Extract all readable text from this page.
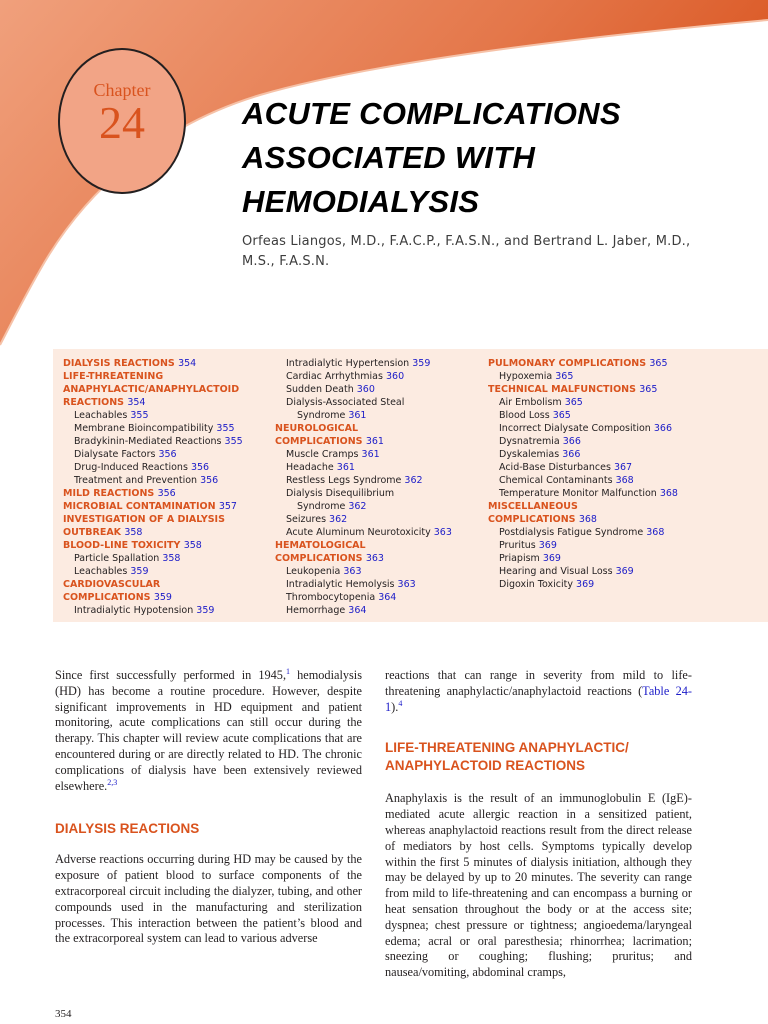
Chapter
24	ACUTE COMPLICATIONS
ASSOCIATED WITH
HEMODIALYSIS
Orfeas Liangos, M.D., F.A.C.P., F.A.S.N., and Bertrand L. Jaber, M.D., M.S., F.A.S.N.
DIALYSIS REACTIONS 354
LIFE-THREATENING
ANAPHYLACTIC/ANAPHYLACTOID
REACTIONS 354
Leachables 355
Membrane Bioincompatibility 355
Bradykinin-Mediated Reactions 355
Dialysate Factors 356
Drug-Induced Reactions 356
Treatment and Prevention 356
MILD REACTIONS 356
MICROBIAL CONTAMINATION 357
INVESTIGATION OF A DIALYSIS
OUTBREAK 358
BLOOD-LINE TOXICITY 358
Particle Spallation 358
Leachables 359
CARDIOVASCULAR
COMPLICATIONS 359
Intradialytic Hypotension 359
Intradialytic Hypertension 359
Cardiac Arrhythmias 360
Sudden Death 360
Dialysis-Associated Steal
Syndrome 361
NEUROLOGICAL
COMPLICATIONS 361
Muscle Cramps 361
Headache 361
Restless Legs Syndrome 362
Dialysis Disequilibrium
Syndrome 362
Seizures 362
Acute Aluminum Neurotoxicity 363
HEMATOLOGICAL
COMPLICATIONS 363
Leukopenia 363
Intradialytic Hemolysis 363
Thrombocytopenia 364
Hemorrhage 364
PULMONARY COMPLICATIONS 365
Hypoxemia 365
TECHNICAL MALFUNCTIONS 365
Air Embolism 365
Blood Loss 365
Incorrect Dialysate Composition 366
Dysnatremia 366
Dyskalemias 366
Acid-Base Disturbances 367
Chemical Contaminants 368
Temperature Monitor Malfunction 368
MISCELLANEOUS
COMPLICATIONS 368
Postdialysis Fatigue Syndrome 368
Pruritus 369
Priapism 369
Hearing and Visual Loss 369
Digoxin Toxicity 369

Since first successfully performed in 1945,$^1$ hemodialysis (HD) has become a routine procedure. However, despite significant improvements in HD equipment and patient monitoring, acute complications can still occur during the therapy. This chapter will review acute complications that are encountered during or are directly related to HD. The chronic complications of dialysis have been extensively reviewed elsewhere.$^{2,3}$

DIALYSIS REACTIONS

Adverse reactions occurring during HD may be caused by the exposure of patient blood to surface components of the extracorporeal circuit including the dialyzer, tubing, and other compounds used in the manufacturing and sterilization processes. This interaction between the patient’s blood and the extracorporeal system can lead to various adverse

reactions that can range in severity from mild to life-threatening anaphylactic/anaphylactoid reactions (Table 24-1).$^4$

LIFE-THREATENING ANAPHYLACTIC/
ANAPHYLACTOID REACTIONS

Anaphylaxis is the result of an immunoglobulin E (IgE)-mediated acute allergic reaction in a sensitized patient, whereas anaphylactoid reactions result from the direct release of mediators by host cells. Symptoms typically develop within the first 5 minutes of dialysis initiation, although they may be delayed by up to 20 minutes. The severity can range from mild to life-threatening and can encompass a burning or heat sensation throughout the body or at the access site; dyspnea; chest pressure or tightness; angioedema/laryngeal edema; acral or oral paresthesia; rhinorrhea; lacrimation; sneezing or coughing; flushing; pruritus; and nausea/vomiting, abdominal cramps,

354
